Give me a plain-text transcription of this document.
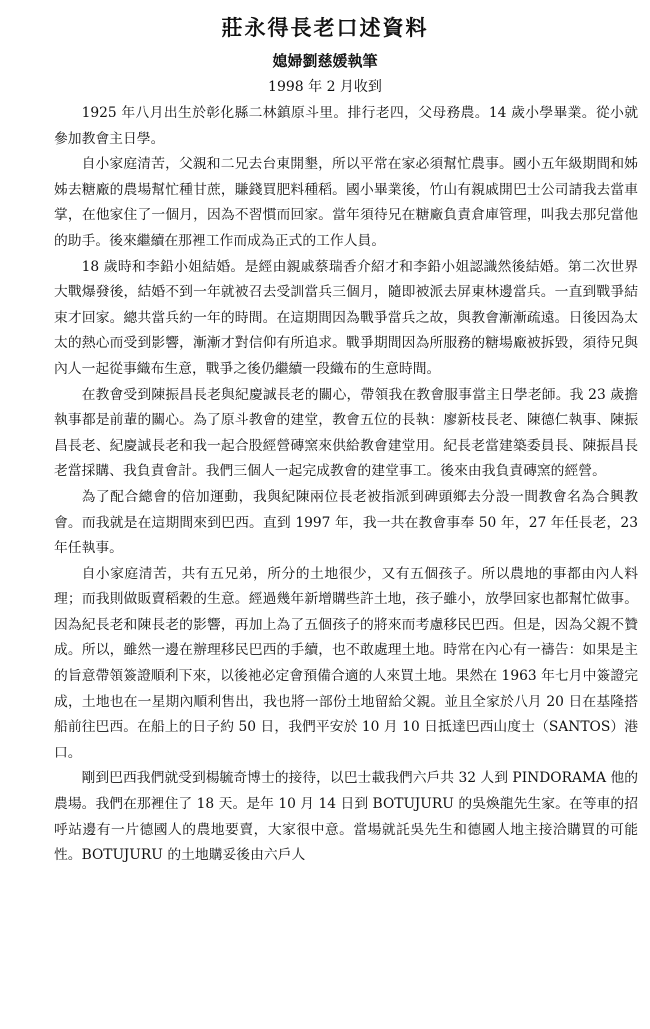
莊永得長老口述資料
媳婦劉慈媛執筆
1998 年 2 月收到

1925 年八月出生於彰化縣二林鎮原斗里。排行老四，父母務農。14 歲小學畢業。從小就參加教會主日學。

自小家庭清苦，父親和二兄去台東開墾，所以平常在家必須幫忙農事。國小五年級期間和姊姊去糖廠的農場幫忙種甘蔗，賺錢買肥料種稻。國小畢業後，竹山有親戚開巴士公司請我去當車掌，在他家住了一個月，因為不習慣而回家。當年須待兄在糖廠負責倉庫管理，叫我去那兒當他的助手。後來繼續在那裡工作而成為正式的工作人員。

18 歲時和李鉛小姐結婚。是經由親戚蔡瑞香介紹才和李鉛小姐認識然後結婚。第二次世界大戰爆發後，結婚不到一年就被召去受訓當兵三個月，隨即被派去屏東林邊當兵。一直到戰爭結束才回家。總共當兵約一年的時間。在這期間因為戰爭當兵之故，與教會漸漸疏遠。日後因為太太的熱心而受到影響，漸漸才對信仰有所追求。戰爭期間因為所服務的糖場廠被拆毀，須待兄與內人一起從事織布生意，戰爭之後仍繼續一段織布的生意時間。

在教會受到陳振昌長老與紀慶誠長老的關心，帶領我在教會服事當主日學老師。我 23 歲擔執事都是前輩的關心。為了原斗教會的建堂，教會五位的長執：廖新枝長老、陳德仁執事、陳振昌長老、紀慶誠長老和我一起合股經營磚窯來供給教會建堂用。紀長老當建築委員長、陳振昌長老當採購、我負責會計。我們三個人一起完成教會的建堂事工。後來由我負責磚窯的經營。

為了配合總會的倍加運動，我與紀陳兩位長老被指派到碑頭鄉去分設一間教會名為合興教會。而我就是在這期間來到巴西。直到 1997 年，我一共在教會事奉 50 年，27 年任長老，23 年任執事。

自小家庭清苦，共有五兄弟，所分的土地很少，又有五個孩子。所以農地的事都由內人料理；而我則做販賣稻穀的生意。經過幾年新增購些許土地，孩子雖小，放學回家也都幫忙做事。因為紀長老和陳長老的影響，再加上為了五個孩子的將來而考慮移民巴西。但是，因為父親不贊成。所以，雖然一邊在辦理移民巴西的手續，也不敢處理土地。時常在內心有一禱告：如果是主的旨意帶領簽證順利下來，以後祂必定會預備合適的人來買土地。果然在 1963 年七月中簽證完成，土地也在一星期內順利售出，我也將一部份土地留給父親。並且全家於八月 20 日在基隆搭船前往巴西。在船上的日子約 50 日，我們平安於 10 月 10 日抵達巴西山度士（SANTOS）港口。

剛到巴西我們就受到楊毓奇博士的接待，以巴士載我們六戶共 32 人到 PINDORAMA 他的農場。我們在那裡住了 18 天。是年 10 月 14 日到 BOTUJURU 的吳煥龍先生家。在等車的招呼站邊有一片德國人的農地要賣，大家很中意。當場就託吳先生和德國人地主接洽購買的可能性。BOTUJURU 的土地購妥後由六戶人
